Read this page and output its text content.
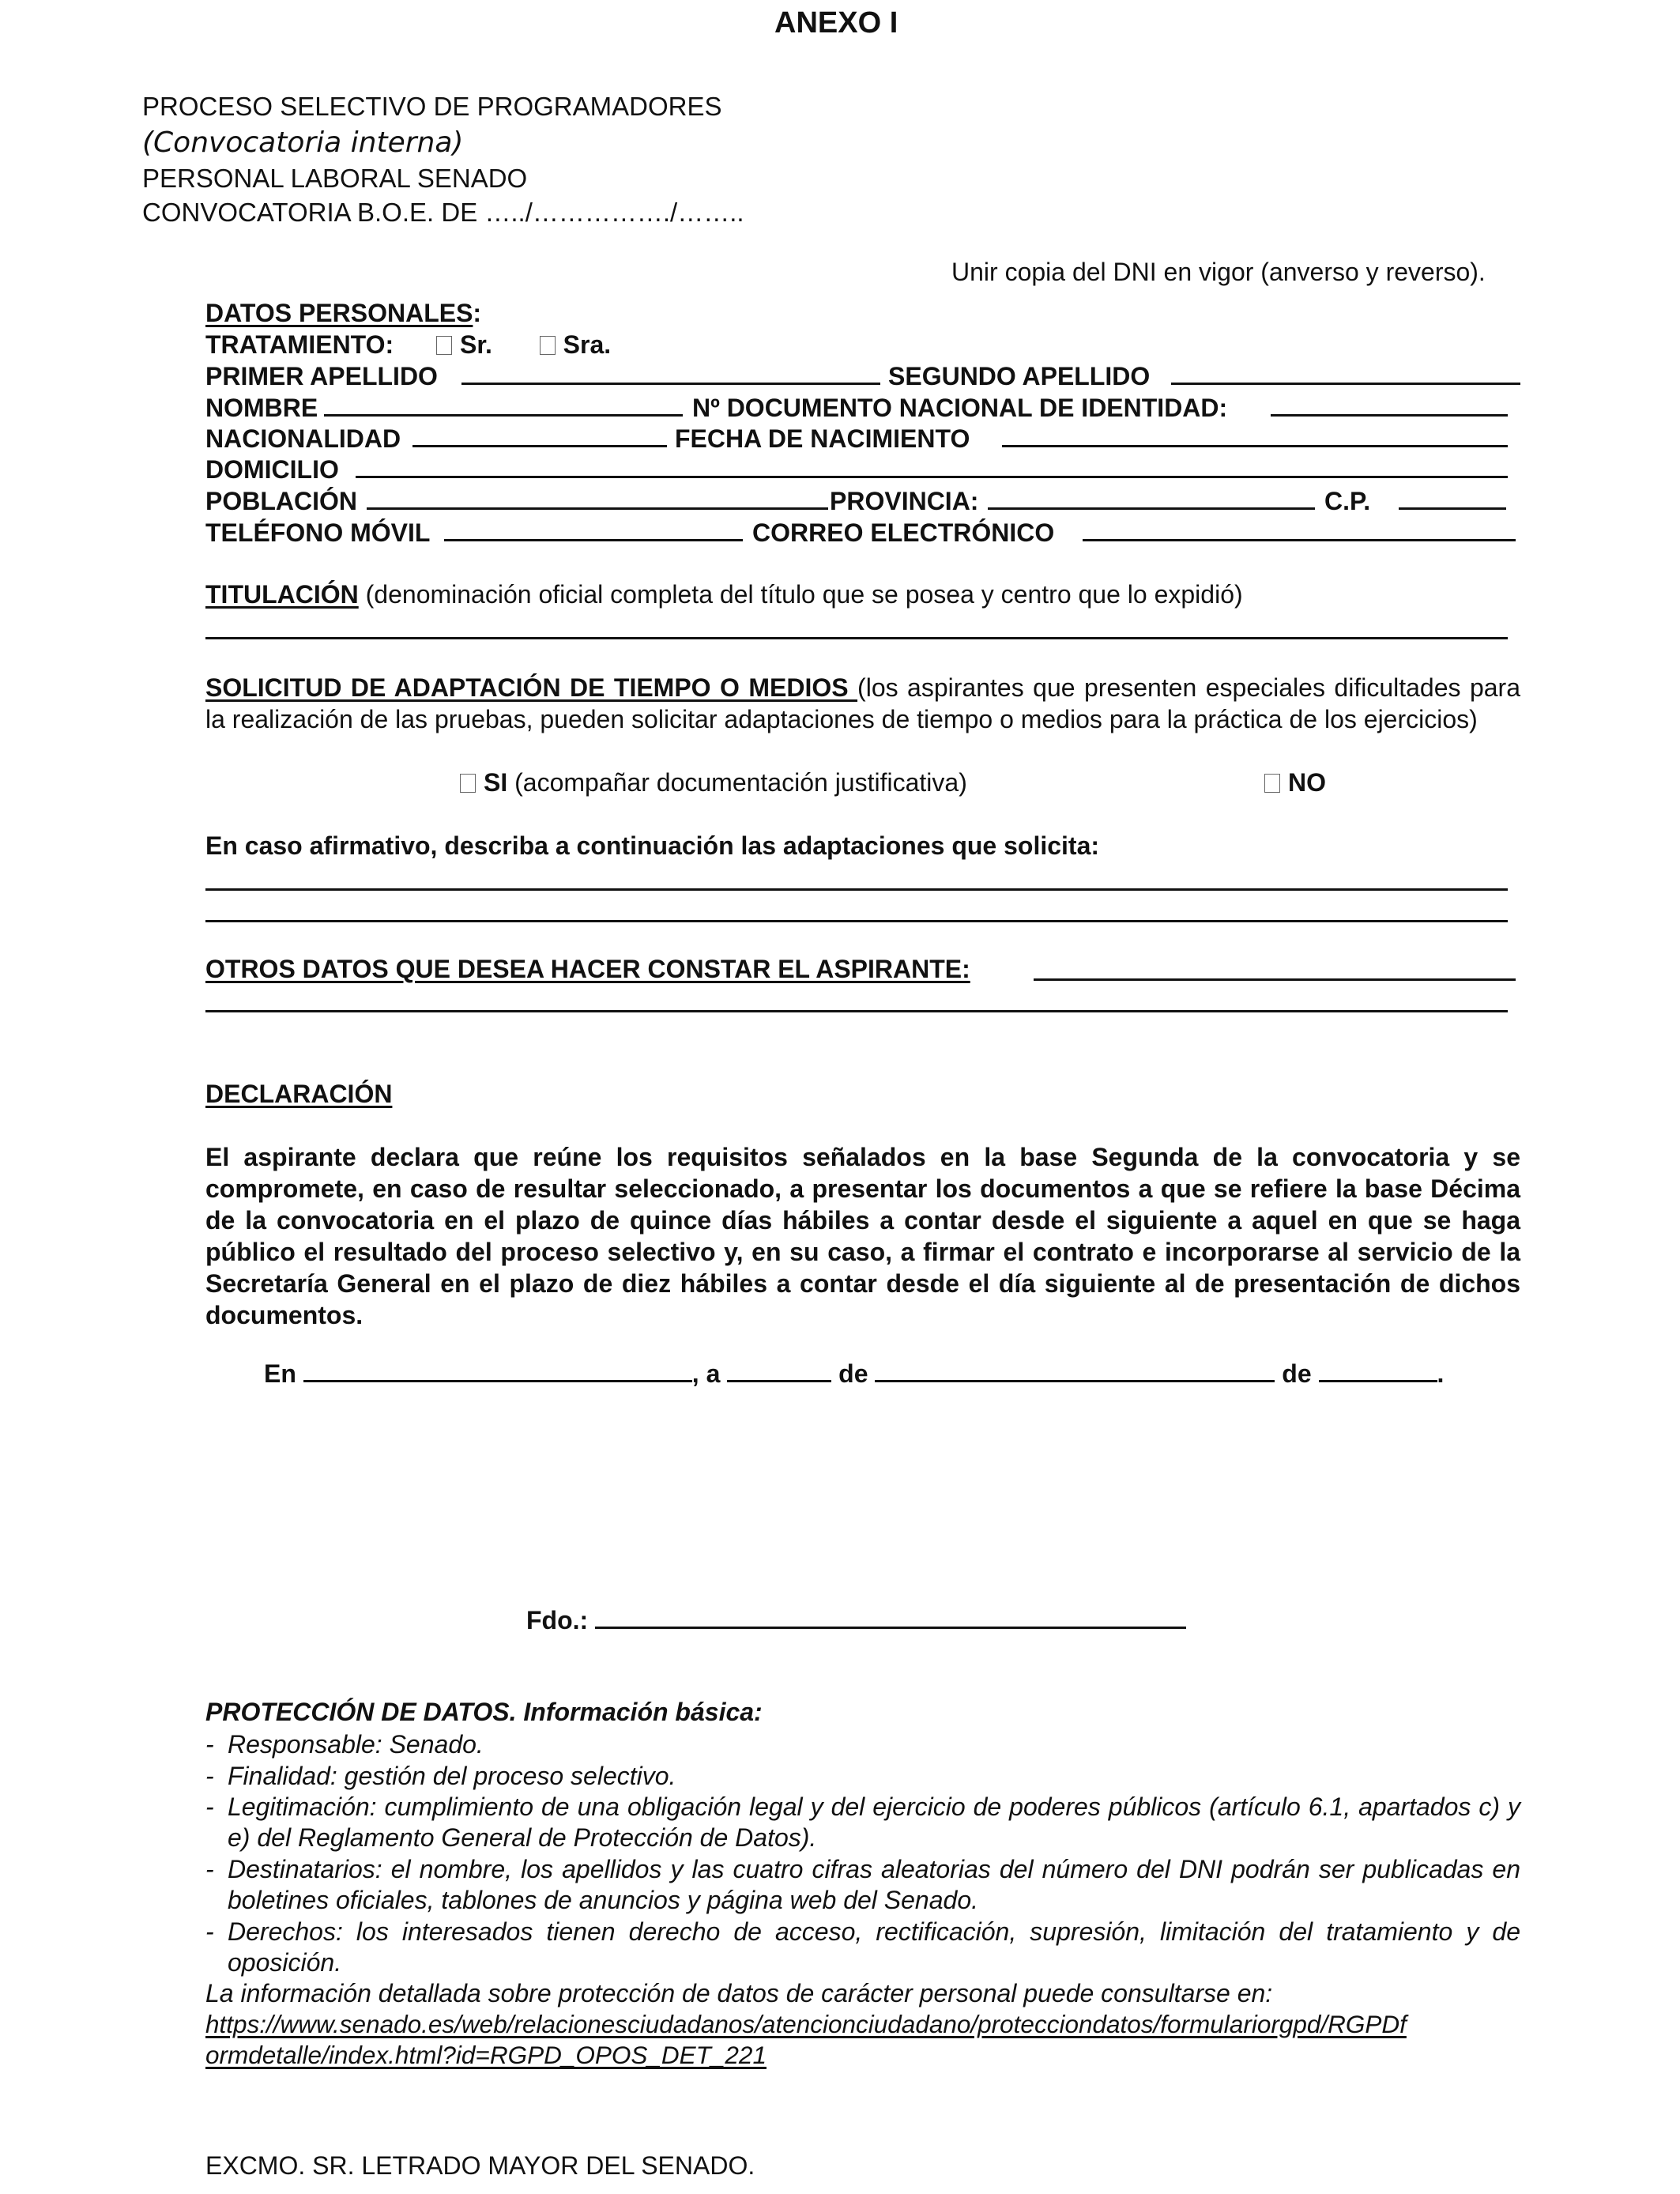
ANEXO I
PROCESO SELECTIVO DE PROGRAMADORES
(Convocatoria interna)
PERSONAL LABORAL SENADO
CONVOCATORIA B.O.E. DE …../……………./……..
Unir copia del DNI en vigor (anverso y reverso).
DATOS PERSONALES:
TRATAMIENTO:	Sr.	Sra.
PRIMER APELLIDO	SEGUNDO APELLIDO
NOMBRE	Nº DOCUMENTO NACIONAL DE IDENTIDAD:
NACIONALIDAD	FECHA DE NACIMIENTO
DOMICILIO
POBLACIÓN	PROVINCIA:	C.P.
TELÉFONO MÓVIL	CORREO ELECTRÓNICO
TITULACIÓN (denominación oficial completa del título que se posea y centro que lo expidió)
SOLICITUD DE ADAPTACIÓN DE TIEMPO O MEDIOS (los aspirantes que presenten especiales dificultades para la realización de las pruebas, pueden solicitar adaptaciones de tiempo o medios para la práctica de los ejercicios)
SI (acompañar documentación justificativa)	NO
En caso afirmativo, describa a continuación las adaptaciones que solicita:
OTROS DATOS QUE DESEA HACER CONSTAR EL ASPIRANTE:
DECLARACIÓN
El aspirante declara que reúne los requisitos señalados en la base Segunda de la convocatoria y se compromete, en caso de resultar seleccionado, a presentar los documentos a que se refiere la base Décima de la convocatoria en el plazo de quince días hábiles a contar desde el siguiente a aquel en que se haga público el resultado del proceso selectivo y, en su caso, a firmar el contrato e incorporarse al servicio de la Secretaría General en el plazo de diez hábiles a contar desde el día siguiente al de presentación de dichos documentos.
En	, a	de	de	.
Fdo.:
PROTECCIÓN DE DATOS. Información básica:
- Responsable: Senado.
- Finalidad: gestión del proceso selectivo.
- Legitimación: cumplimiento de una obligación legal y del ejercicio de poderes públicos (artículo 6.1, apartados c) y e) del Reglamento General de Protección de Datos).
- Destinatarios: el nombre, los apellidos y las cuatro cifras aleatorias del número del DNI podrán ser publicadas en boletines oficiales, tablones de anuncios y página web del Senado.
- Derechos: los interesados tienen derecho de acceso, rectificación, supresión, limitación del tratamiento y de oposición.
La información detallada sobre protección de datos de carácter personal puede consultarse en:
https://www.senado.es/web/relacionesciudadanos/atencionciudadano/protecciondatos/formulariorgpd/RGPDf
ormdetalle/index.html?id=RGPD_OPOS_DET_221
EXCMO. SR. LETRADO MAYOR DEL SENADO.
